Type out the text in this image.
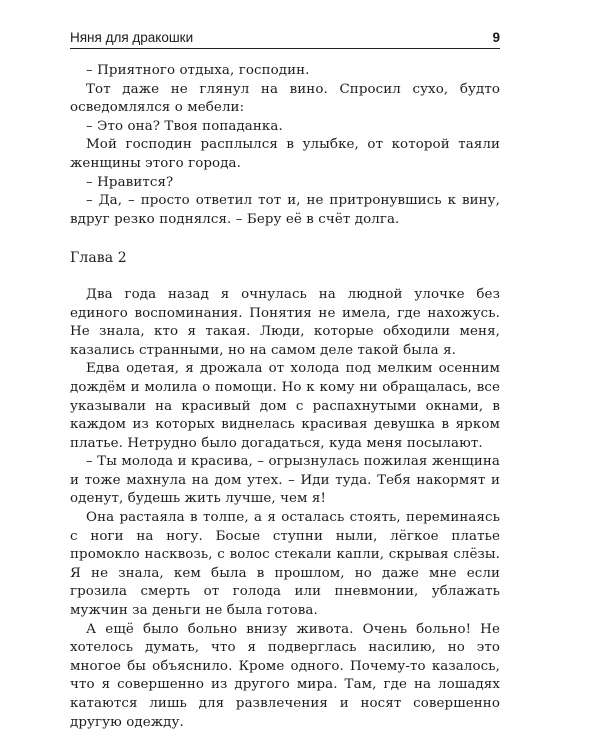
Няня для дракошки	9

– Приятного отдыха, господин.

Тот даже не глянул на вино. Спросил сухо, будто осведомлялся о мебели:

– Это она? Твоя попаданка.

Мой господин расплылся в улыбке, от которой таяли женщины этого города.

– Нравится?

– Да, – просто ответил тот и, не притронувшись к вину, вдруг резко поднялся. – Беру её в счёт долга.

Глава 2

Два года назад я очнулась на людной улочке без единого воспоминания. Понятия не имела, где нахожусь. Не знала, кто я такая. Люди, которые обходили меня, казались странными, но на самом деле такой была я.

Едва одетая, я дрожала от холода под мелким осенним дождём и молила о помощи. Но к кому ни обращалась, все указывали на красивый дом с распахнутыми окнами, в каждом из которых виднелась красивая девушка в ярком платье. Нетрудно было догадаться, куда меня посылают.

– Ты молода и красива, – огрызнулась пожилая женщина и тоже махнула на дом утех. – Иди туда. Тебя накормят и оденут, будешь жить лучше, чем я!

Она растаяла в толпе, а я осталась стоять, переминаясь с ноги на ногу. Босые ступни ныли, лёгкое платье промокло насквозь, с волос стекали капли, скрывая слёзы. Я не знала, кем была в прошлом, но даже мне если грозила смерть от голода или пневмонии, ублажать мужчин за деньги не была готова.

А ещё было больно внизу живота. Очень больно! Не хотелось думать, что я подверглась насилию, но это многое бы объяснило. Кроме одного. Почему-то казалось, что я совершенно из другого мира. Там, где на лошадях катаются лишь для развлечения и носят совершенно другую одежду.
